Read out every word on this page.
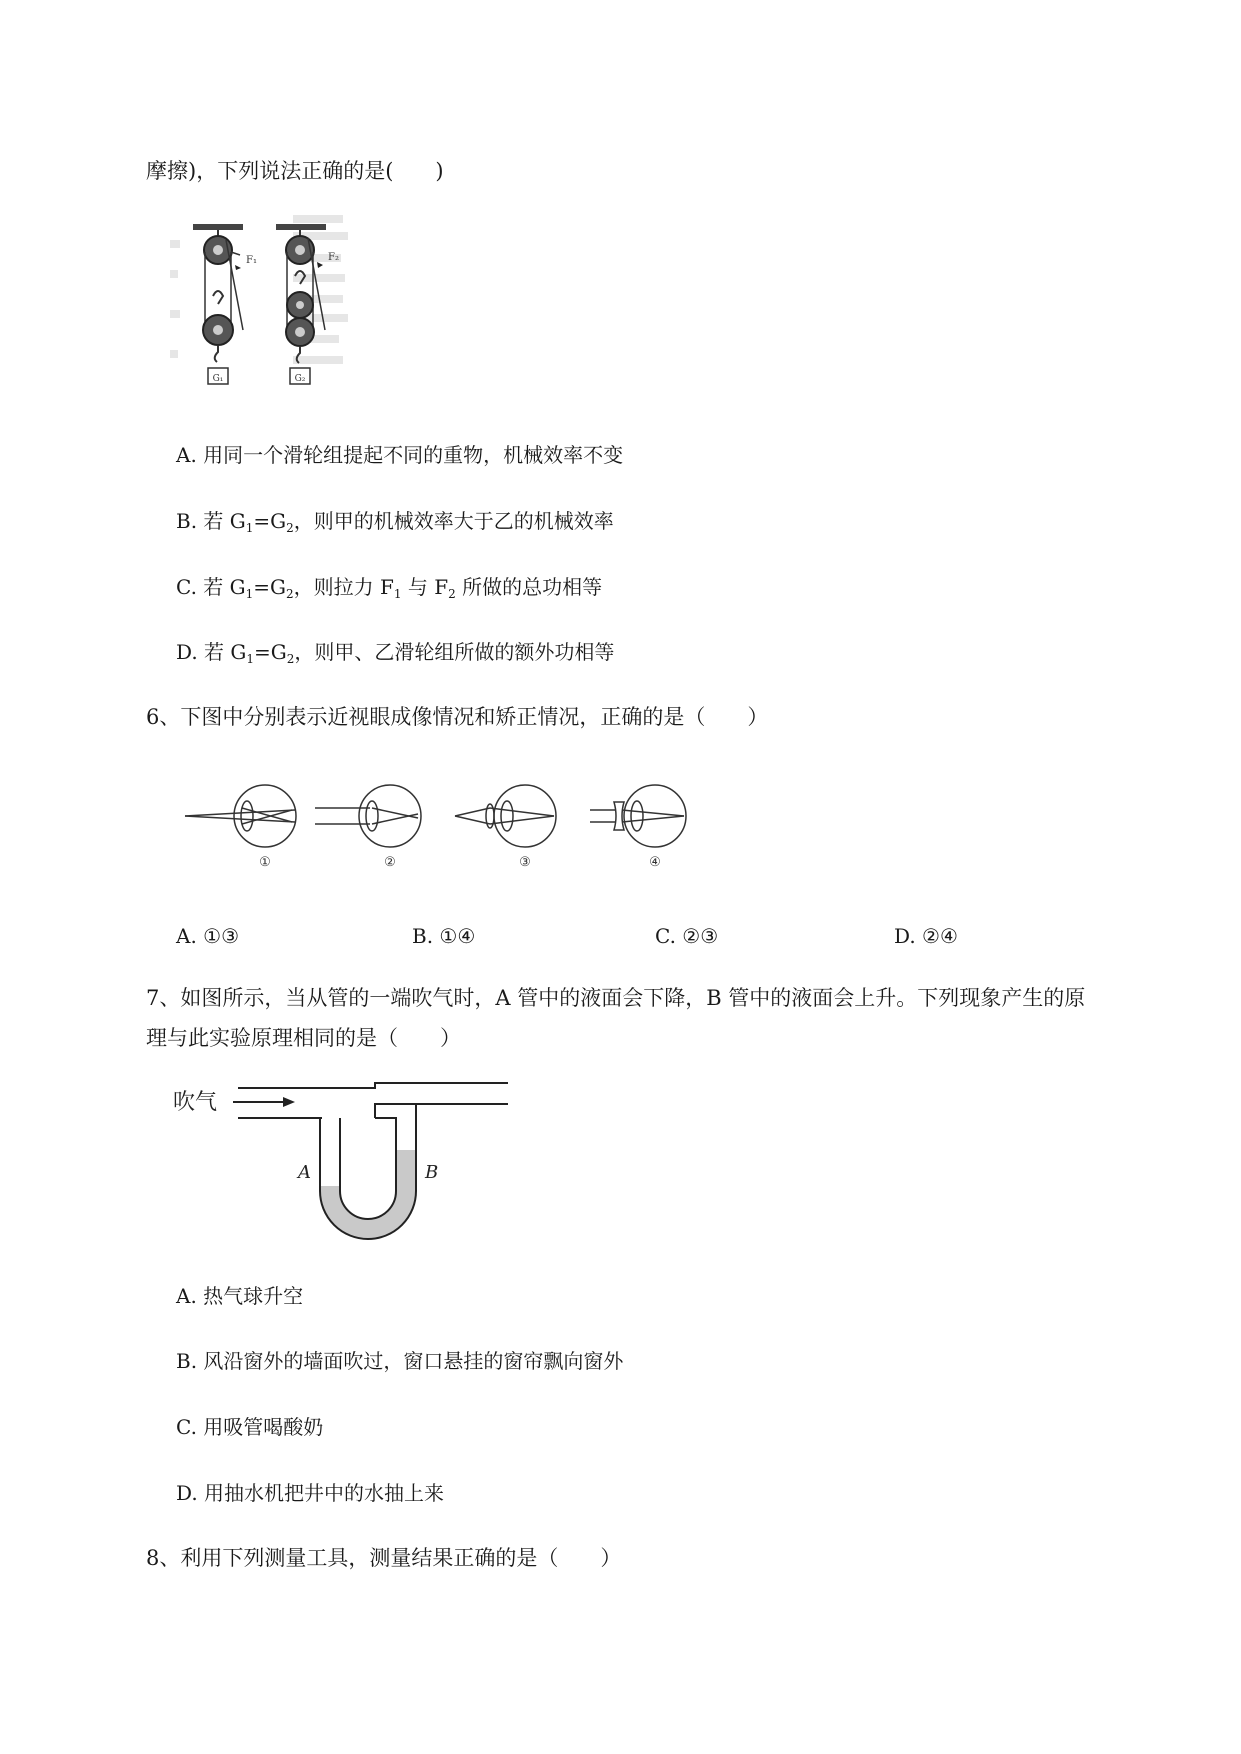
摩擦)，下列说法正确的是(　　)
G₁
F₁
G₂
F₂
A. 用同一个滑轮组提起不同的重物，机械效率不变
B. 若 $G_1=G_2$，则甲的机械效率大于乙的机械效率
C. 若 $G_1=G_2$，则拉力 $F_1$ 与 $F_2$ 所做的总功相等
D. 若 $G_1=G_2$，则甲、乙滑轮组所做的额外功相等
6、下图中分别表示近视眼成像情况和矫正情况，正确的是（　　）
①	②	③	④
A. ①③	B. ①④	C. ②③	D. ②④
7、如图所示，当从管的一端吹气时，A 管中的液面会下降，B 管中的液面会上升。下列现象产生的原
理与此实验原理相同的是（　　）
吹气
A	B
A. 热气球升空
B. 风沿窗外的墙面吹过，窗口悬挂的窗帘飘向窗外
C. 用吸管喝酸奶
D. 用抽水机把井中的水抽上来
8、利用下列测量工具，测量结果正确的是（　　）
